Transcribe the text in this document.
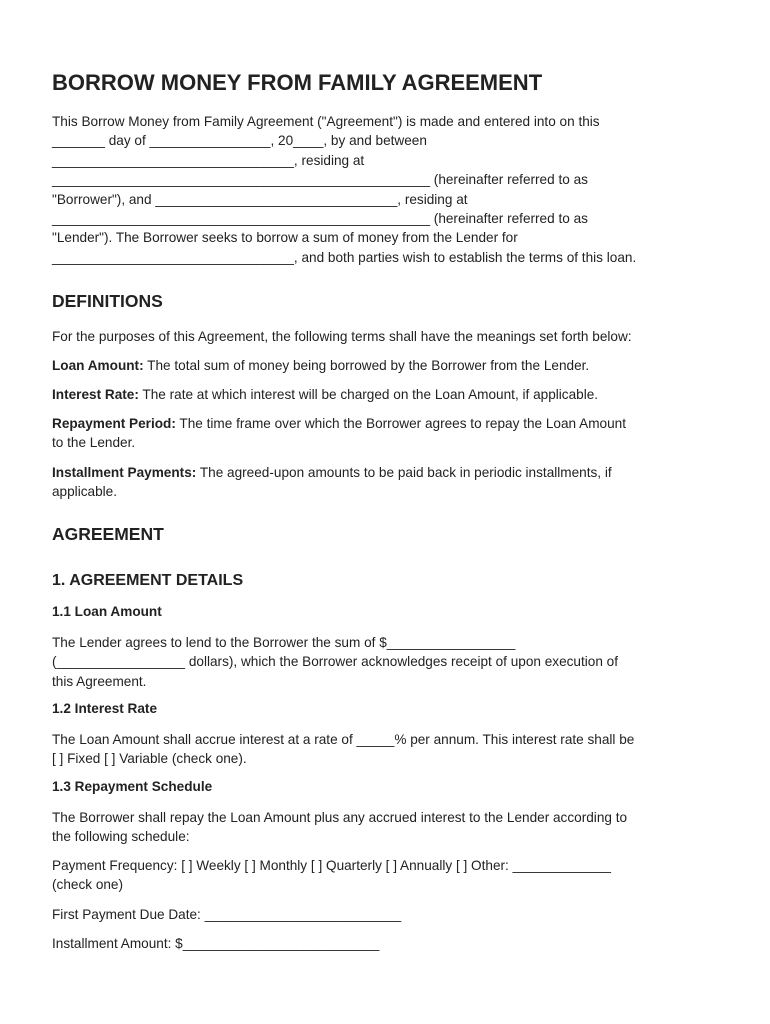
BORROW MONEY FROM FAMILY AGREEMENT

This Borrow Money from Family Agreement ("Agreement") is made and entered into on this
_______ day of ________________, 20____, by and between
________________________________, residing at
__________________________________________________ (hereinafter referred to as
"Borrower"), and ________________________________, residing at
__________________________________________________ (hereinafter referred to as
"Lender"). The Borrower seeks to borrow a sum of money from the Lender for
________________________________, and both parties wish to establish the terms of this loan.

DEFINITIONS

For the purposes of this Agreement, the following terms shall have the meanings set forth below:

Loan Amount: The total sum of money being borrowed by the Borrower from the Lender.

Interest Rate: The rate at which interest will be charged on the Loan Amount, if applicable.

Repayment Period: The time frame over which the Borrower agrees to repay the Loan Amount
to the Lender.

Installment Payments: The agreed-upon amounts to be paid back in periodic installments, if
applicable.

AGREEMENT
1. AGREEMENT DETAILS
1.1 Loan Amount

The Lender agrees to lend to the Borrower the sum of $_________________
(_________________ dollars), which the Borrower acknowledges receipt of upon execution of
this Agreement.

1.2 Interest Rate

The Loan Amount shall accrue interest at a rate of _____% per annum. This interest rate shall be
[ ] Fixed [ ] Variable (check one).

1.3 Repayment Schedule

The Borrower shall repay the Loan Amount plus any accrued interest to the Lender according to
the following schedule:

Payment Frequency: [ ] Weekly [ ] Monthly [ ] Quarterly [ ] Annually [ ] Other: _____________
(check one)

First Payment Due Date: __________________________

Installment Amount: $__________________________
